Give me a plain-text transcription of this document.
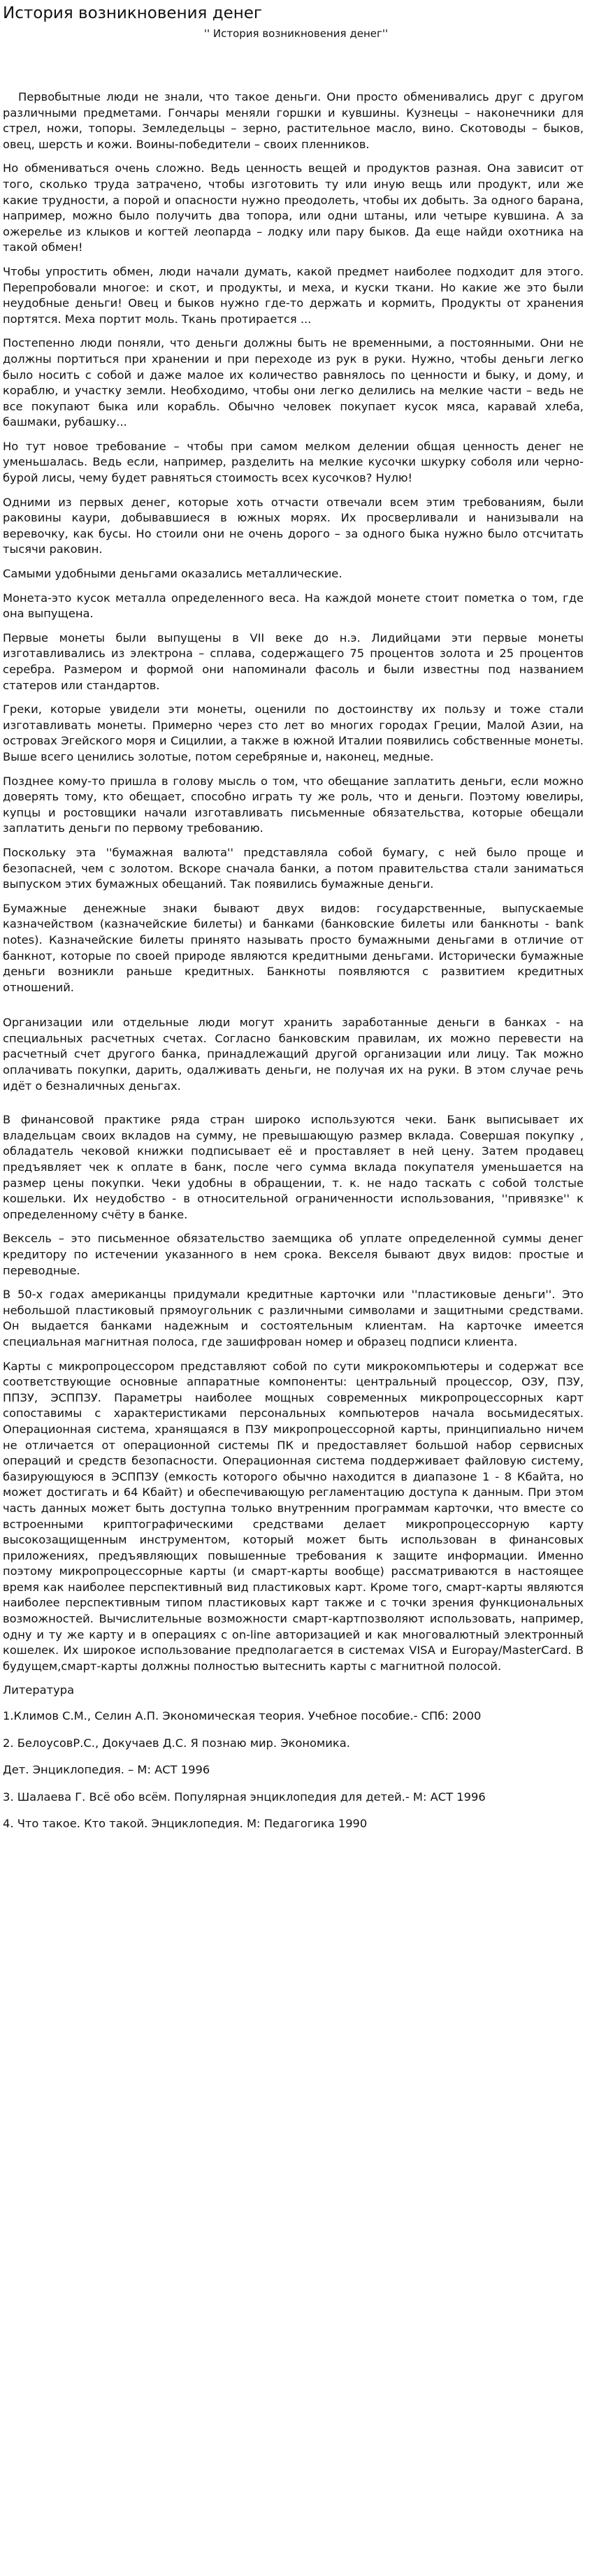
История возникновения денег
'' История возникновения денег''

Первобытные люди не знали, что такое деньги. Они просто обменивались друг с другом различными предметами. Гончары меняли горшки и кувшины. Кузнецы – наконечники для стрел, ножи, топоры. Земледельцы – зерно, растительное масло, вино. Скотоводы – быков, овец, шерсть и кожи. Воины-победители – своих пленников.

Но обмениваться очень сложно. Ведь ценность вещей и продуктов разная. Она зависит от того, сколько труда затрачено, чтобы изготовить ту или иную вещь или продукт, или же какие трудности, а порой и опасности нужно преодолеть, чтобы их добыть. За одного барана, например, можно было получить два топора, или одни штаны, или четыре кувшина. А за ожерелье из клыков и когтей леопарда – лодку или пару быков. Да еще найди охотника на такой обмен!

Чтобы упростить обмен, люди начали думать, какой предмет наиболее подходит для этого. Перепробовали многое: и скот, и продукты, и меха, и куски ткани. Но какие же это были неудобные деньги! Овец и быков нужно где-то держать и кормить, Продукты от хранения портятся. Меха портит моль. Ткань протирается ...

Постепенно люди поняли, что деньги должны быть не временными, а постоянными. Они не должны портиться при хранении и при переходе из рук в руки. Нужно, чтобы деньги легко было носить с собой и даже малое их количество равнялось по ценности и быку, и дому, и кораблю, и участку земли. Необходимо, чтобы они легко делились на мелкие части – ведь не все покупают быка или корабль. Обычно человек покупает кусок мяса, каравай хлеба, башмаки, рубашку...

Но тут новое требование – чтобы при самом мелком делении общая ценность денег не уменьшалась. Ведь если, например, разделить на мелкие кусочки шкурку соболя или черно- бурой лисы, чему будет равняться стоимость всех кусочков? Нулю!

Одними из первых денег, которые хоть отчасти отвечали всем этим требованиям, были раковины каури, добывавшиеся в южных морях. Их просверливали и нанизывали на веревочку, как бусы. Но стоили они не очень дорого – за одного быка нужно было отсчитать тысячи раковин.

Самыми удобными деньгами оказались металлические.

Монета-это кусок металла определенного веса. На каждой монете стоит пометка о том, где она выпущена.

Первые монеты были выпущены в VII веке до н.э. Лидийцами эти первые монеты изготавливались из электрона – сплава, содержащего 75 процентов золота и 25 процентов серебра. Размером и формой они напоминали фасоль и были известны под названием статеров или стандартов.

Греки, которые увидели эти монеты, оценили по достоинству их пользу и тоже стали изготавливать монеты. Примерно через сто лет во многих городах Греции, Малой Азии, на островах Эгейского моря и Сицилии, а также в южной Италии появились собственные монеты. Выше всего ценились золотые, потом серебряные и, наконец, медные.

Позднее кому-то пришла в голову мысль о том, что обещание заплатить деньги, если можно доверять тому, кто обещает, способно играть ту же роль, что и деньги. Поэтому ювелиры, купцы и ростовщики начали изготавливать письменные обязательства, которые обещали заплатить деньги по первому требованию.

Поскольку эта ''бумажная валюта'' представляла собой бумагу, с ней было проще и безопасней, чем с золотом. Вскоре сначала банки, а потом правительства стали заниматься выпуском этих бумажных обещаний. Так появились бумажные деньги.

Бумажные денежные знаки бывают двух видов: государственные, выпускаемые казначейством (казначейские билеты) и банками (банковские билеты или банкноты - bank notes). Казначейские билеты принято называть просто бумажными деньгами в отличие от банкнот, которые по своей природе являются кредитными деньгами. Исторически бумажные деньги возникли раньше кредитных. Банкноты появляются с развитием кредитных отношений.

Организации или отдельные люди могут хранить заработанные деньги в банках - на специальных расчетных счетах. Согласно банковским правилам, их можно перевести на расчетный счет другого банка, принадлежащий другой организации или лицу. Так можно оплачивать покупки, дарить, одалживать деньги, не получая их на руки. В этом случае речь идёт о безналичных деньгах.

В финансовой практике ряда стран широко используются чеки. Банк выписывает их владельцам своих вкладов на сумму, не превышающую размер вклада. Совершая покупку , обладатель чековой книжки подписывает её и проставляет в ней цену. Затем продавец предъявляет чек к оплате в банк, после чего сумма вклада покупателя уменьшается на размер цены покупки. Чеки удобны в обращении, т. к. не надо таскать с собой толстые кошельки. Их неудобство - в относительной ограниченности использования, ''привязке'' к определенному счёту в банке.

Вексель – это письменное обязательство заемщика об уплате определенной суммы денег кредитору по истечении указанного в нем срока. Векселя бывают двух видов: простые и переводные.

В 50-х годах американцы придумали кредитные карточки или ''пластиковые деньги''. Это небольшой пластиковый прямоугольник с различными символами и защитными средствами. Он выдается банками надежным и состоятельным клиентам. На карточке имеется специальная магнитная полоса, где зашифрован номер и образец подписи клиента.

Карты с микропроцессором представляют собой по сути микрокомпьютеры и содержат все соответствующие основные аппаратные компоненты: центральный процессор, ОЗУ, ПЗУ, ППЗУ, ЭСППЗУ. Параметры наиболее мощных современных микропроцессорных карт сопоставимы с характеристиками персональных компьютеров начала восьмидесятых. Операционная система, хранящаяся в ПЗУ микропроцессорной карты, принципиально ничем не отличается от операционной системы ПК и предоставляет большой набор сервисных операций и средств безопасности. Операционная система поддерживает файловую систему, базирующуюся в ЭСППЗУ (емкость которого обычно находится в диапазоне 1 - 8 Кбайта, но может достигать и 64 Кбайт) и обеспечивающую регламентацию доступа к данным. При этом часть данных может быть доступна только внутренним программам карточки, что вместе со встроенными криптографическими средствами делает микропроцессорную карту высокозащищенным инструментом, который может быть использован в финансовых приложениях, предъявляющих повышенные требования к защите информации. Именно поэтому микропроцессорные карты (и смарт-карты вообще) рассматриваются в настоящее время как наиболее перспективный вид пластиковых карт. Кроме того, смарт-карты являются наиболее перспективным типом пластиковых карт также и с точки зрения функциональных возможностей. Вычислительные возможности смарт-картпозволяют использовать, например, одну и ту же карту и в операциях с on-line авторизацией и как многовалютный электронный кошелек. Их широкое использование предполагается в системах VISA и Europay/MasterCard. В будущем,смарт-карты должны полностью вытеснить карты с магнитной полосой.

Литература

1.Климов С.М., Селин А.П. Экономическая теория. Учебное пособие.- СПб: 2000

2. БелоусовР.С., Докучаев Д.С. Я познаю мир. Экономика.

Дет. Энциклопедия. – М: АСТ 1996

3. Шалаева Г. Всё обо всём. Популярная энциклопедия для детей.- М: АСТ 1996

4. Что такое. Кто такой. Энциклопедия. М: Педагогика 1990
